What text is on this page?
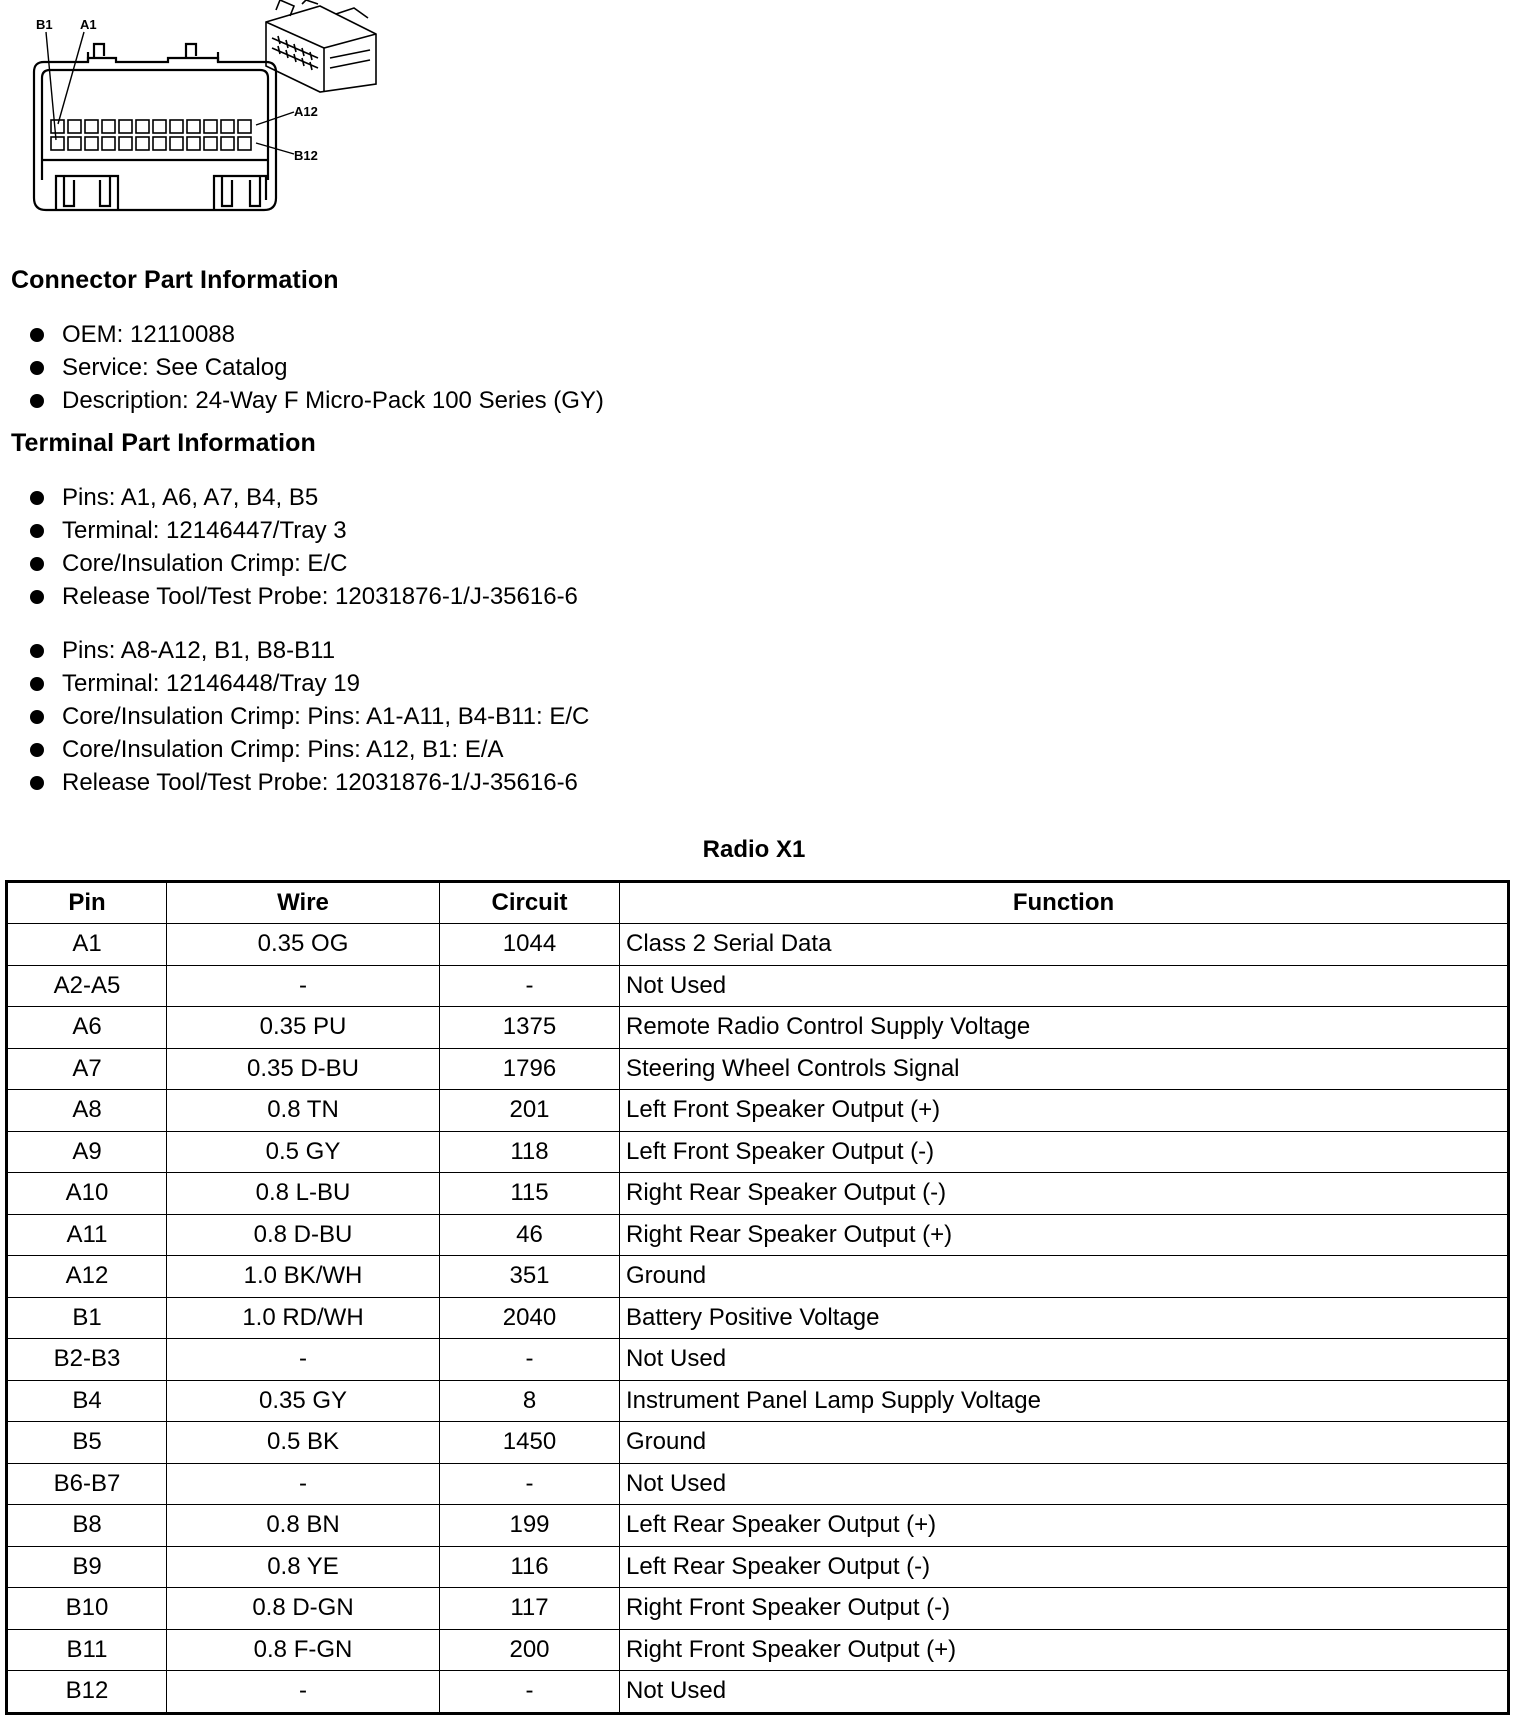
B1 A1
A12
B12
Connector Part Information
OEM: 12110088
Service: See Catalog
Description: 24-Way F Micro-Pack 100 Series (GY)
Terminal Part Information
Pins: A1, A6, A7, B4, B5
Terminal: 12146447/Tray 3
Core/Insulation Crimp: E/C
Release Tool/Test Probe: 12031876-1/J-35616-6
Pins: A8-A12, B1, B8-B11
Terminal: 12146448/Tray 19
Core/Insulation Crimp: Pins: A1-A11, B4-B11: E/C
Core/Insulation Crimp: Pins: A12, B1: E/A
Release Tool/Test Probe: 12031876-1/J-35616-6
Radio X1
Pin	Wire	Circuit	Function
A1	0.35 OG	1044	Class 2 Serial Data
A2-A5	-	-	Not Used
A6	0.35 PU	1375	Remote Radio Control Supply Voltage
A7	0.35 D-BU	1796	Steering Wheel Controls Signal
A8	0.8 TN	201	Left Front Speaker Output (+)
A9	0.5 GY	118	Left Front Speaker Output (-)
A10	0.8 L-BU	115	Right Rear Speaker Output (-)
A11	0.8 D-BU	46	Right Rear Speaker Output (+)
A12	1.0 BK/WH	351	Ground
B1	1.0 RD/WH	2040	Battery Positive Voltage
B2-B3	-	-	Not Used
B4	0.35 GY	8	Instrument Panel Lamp Supply Voltage
B5	0.5 BK	1450	Ground
B6-B7	-	-	Not Used
B8	0.8 BN	199	Left Rear Speaker Output (+)
B9	0.8 YE	116	Left Rear Speaker Output (-)
B10	0.8 D-GN	117	Right Front Speaker Output (-)
B11	0.8 F-GN	200	Right Front Speaker Output (+)
B12	-	-	Not Used
